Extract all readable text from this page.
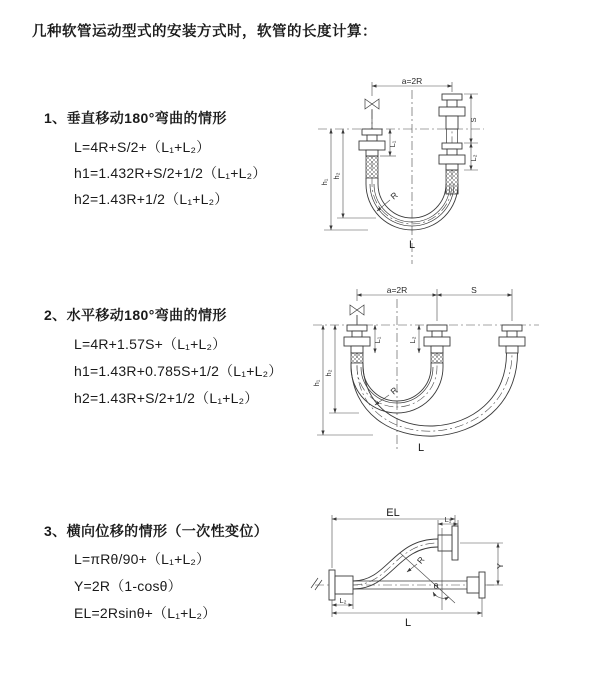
几种软管运动型式的安装方式时，软管的长度计算：
1、垂直移动180°弯曲的情形
L=4R+S/2+（L₁+L₂）
h1=1.432R+S/2+1/2（L₁+L₂）
h2=1.43R+1/2（L₁+L₂）
2、水平移动180°弯曲的情形
L=4R+1.57S+（L₁+L₂）
h1=1.43R+0.785S+1/2（L₁+L₂）
h2=1.43R+S/2+1/2（L₁+L₂）
3、横向位移的情形（一次性变位）
L=πRθ/90+（L₁+L₂）
Y=2R（1-cosθ）
EL=2Rsinθ+（L₁+L₂）
a=2R
L₁
h₁
h₂
S
L₂
R
L
a=2R	S
L₁	L₂
h₁
h₂
R
L
EL
L₁
θ
R
Y
L₂
L
